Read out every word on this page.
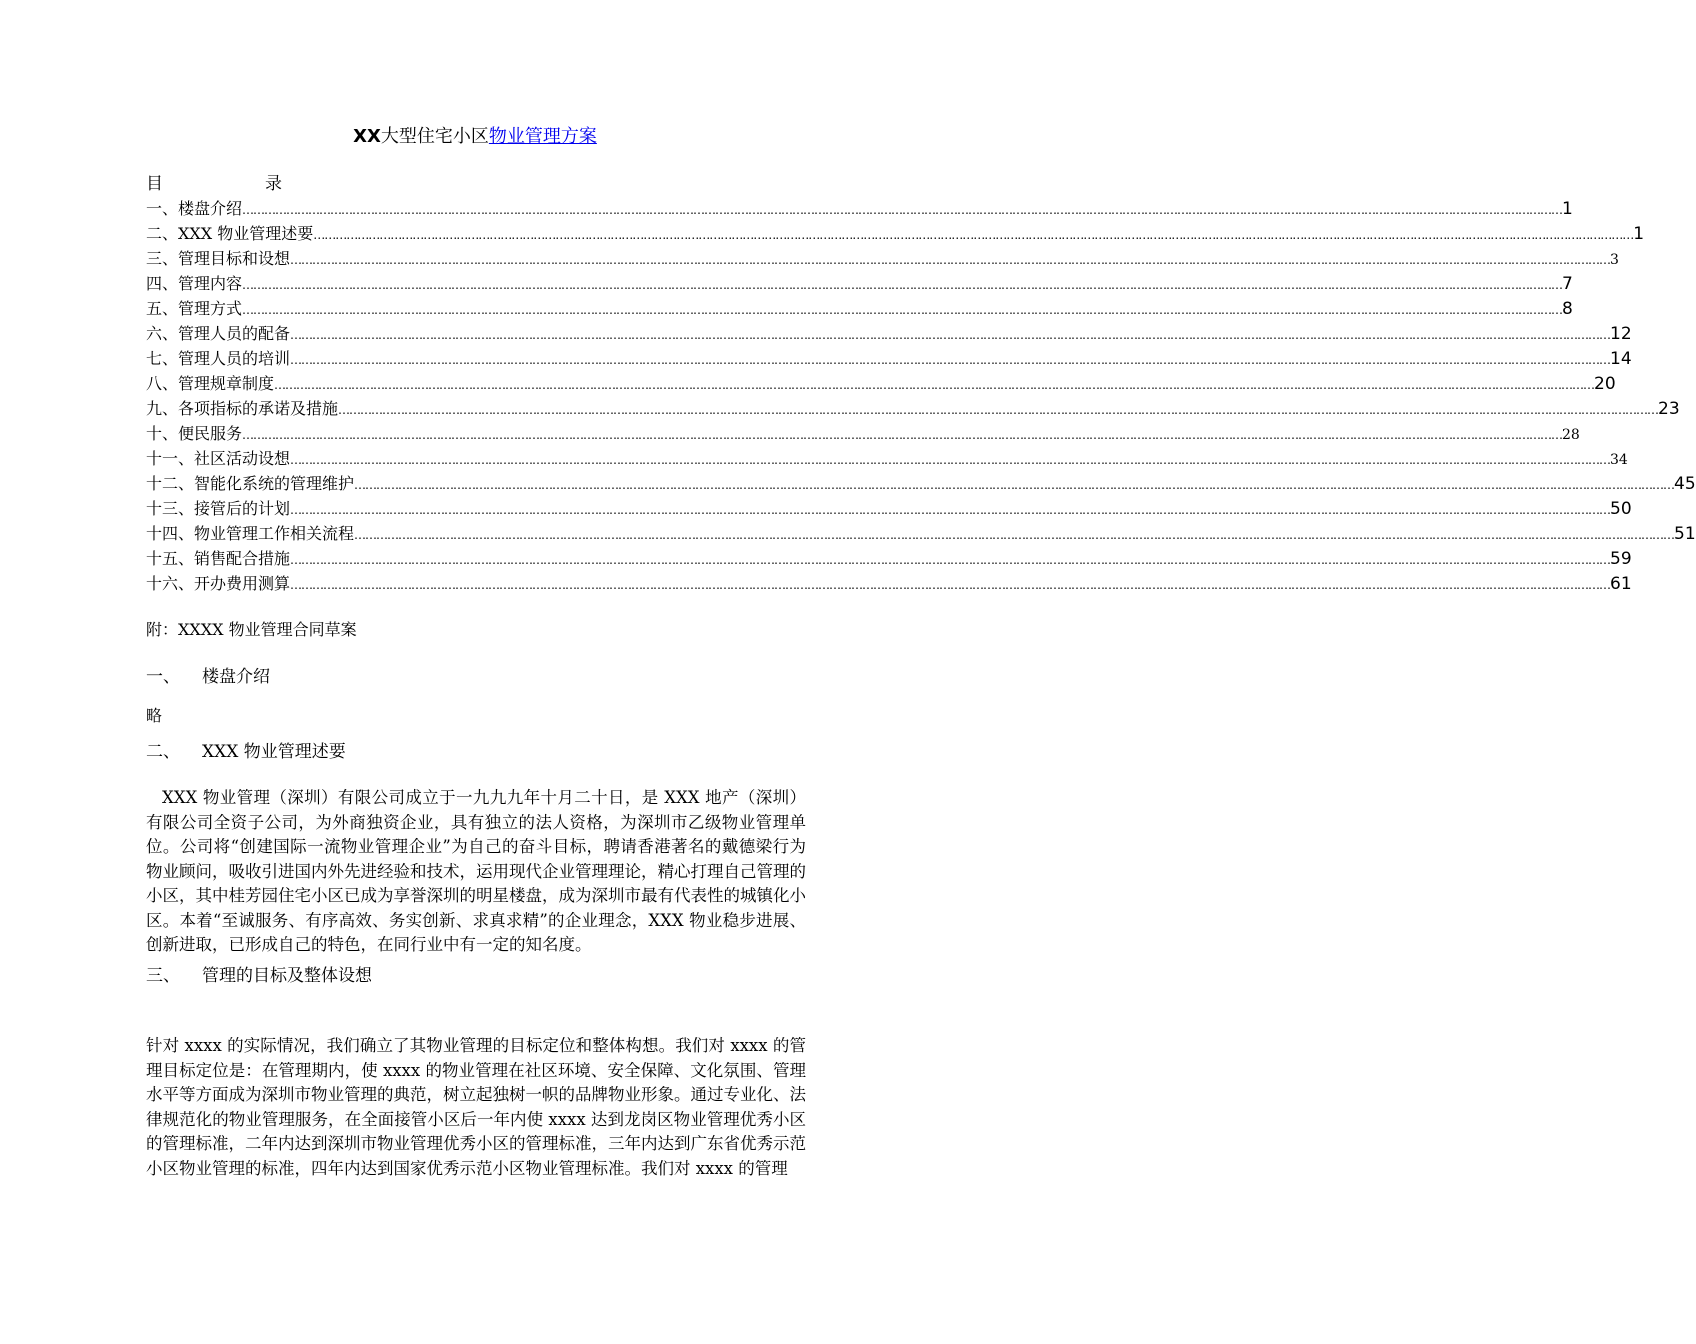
XX大型住宅小区物业管理方案
目	录
一、楼盘介绍 ……………………………………………………………………………………………………………………………………………………………………………………………………………………………………………………………………………………………………………………………… 1
二、XXX 物业管理述要 ……………………………………………………………………………………………………………………………………………………………………………………………………………………………………………………………………………………………………………………………… 1
三、管理目标和设想 ……………………………………………………………………………………………………………………………………………………………………………………………………………………………………………………………………………………………………………………………… 3
四、管理内容 ……………………………………………………………………………………………………………………………………………………………………………………………………………………………………………………………………………………………………………………………… 7
五、管理方式 ……………………………………………………………………………………………………………………………………………………………………………………………………………………………………………………………………………………………………………………………… 8
六、管理人员的配备 ……………………………………………………………………………………………………………………………………………………………………………………………………………………………………………………………………………………………………………………………… 12
七、管理人员的培训 ……………………………………………………………………………………………………………………………………………………………………………………………………………………………………………………………………………………………………………………………… 14
八、管理规章制度 ……………………………………………………………………………………………………………………………………………………………………………………………………………………………………………………………………………………………………………………………… 20
九、各项指标的承诺及措施 ……………………………………………………………………………………………………………………………………………………………………………………………………………………………………………………………………………………………………………………………… 23
十、便民服务 ……………………………………………………………………………………………………………………………………………………………………………………………………………………………………………………………………………………………………………………………… 28
十一、社区活动设想 ……………………………………………………………………………………………………………………………………………………………………………………………………………………………………………………………………………………………………………………………… 34
十二、智能化系统的管理维护 ……………………………………………………………………………………………………………………………………………………………………………………………………………………………………………………………………………………………………………………………… 45
十三、接管后的计划 ……………………………………………………………………………………………………………………………………………………………………………………………………………………………………………………………………………………………………………………………… 50
十四、物业管理工作相关流程 ……………………………………………………………………………………………………………………………………………………………………………………………………………………………………………………………………………………………………………………………… 51
十五、销售配合措施 ……………………………………………………………………………………………………………………………………………………………………………………………………………………………………………………………………………………………………………………………… 59
十六、开办费用测算 ……………………………………………………………………………………………………………………………………………………………………………………………………………………………………………………………………………………………………………………………… 61
附：XXXX 物业管理合同草案
一、 楼盘介绍
略
二、 XXX 物业管理述要
XXX 物业管理（深圳）有限公司成立于一九九九年十月二十日，是 XXX 地产（深圳）有限公司全资子公司，为外商独资企业，具有独立的法人资格，为深圳市乙级物业管理单位。公司将“创建国际一流物业管理企业”为自己的奋斗目标，聘请香港著名的戴德梁行为物业顾问，吸收引进国内外先进经验和技术，运用现代企业管理理论，精心打理自己管理的小区，其中桂芳园住宅小区已成为享誉深圳的明星楼盘，成为深圳市最有代表性的城镇化小区。本着“至诚服务、有序高效、务实创新、求真求精”的企业理念，XXX 物业稳步进展、创新进取，已形成自己的特色，在同行业中有一定的知名度。
三、 管理的目标及整体设想
针对 xxxx 的实际情况，我们确立了其物业管理的目标定位和整体构想。我们对 xxxx 的管理目标定位是：在管理期内，使 xxxx 的物业管理在社区环境、安全保障、文化氛围、管理水平等方面成为深圳市物业管理的典范，树立起独树一帜的品牌物业形象。通过专业化、法律规范化的物业管理服务，在全面接管小区后一年内使 xxxx 达到龙岗区物业管理优秀小区的管理标准，二年内达到深圳市物业管理优秀小区的管理标准，三年内达到广东省优秀示范小区物业管理的标准，四年内达到国家优秀示范小区物业管理标准。我们对 xxxx 的管理
